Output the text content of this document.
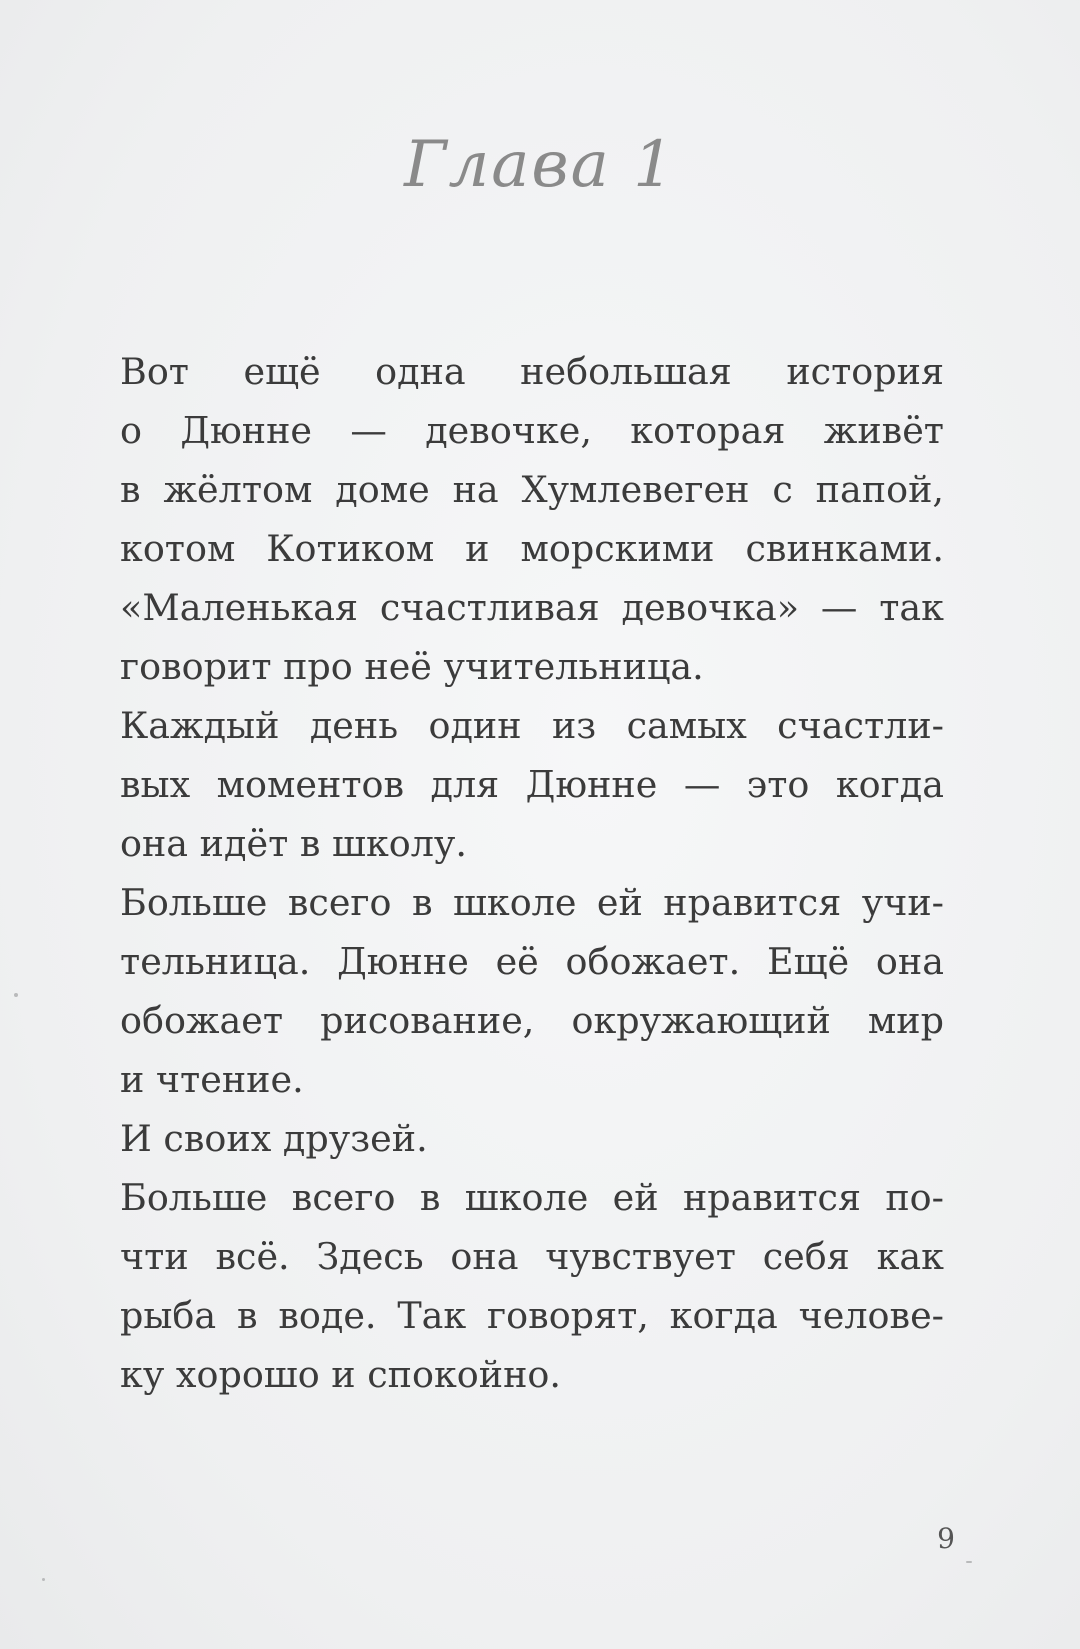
Глава 1

Вот ещё одна небольшая история
о Дюнне — девочке, которая живёт
в жёлтом доме на Хумлевеген с папой,
котом Котиком и морскими свинками.

«Маленькая счастливая девочка» — так
говорит про неё учительница.

Каждый день один из самых счастли-
вых моментов для Дюнне — это когда
она идёт в школу.

Больше всего в школе ей нравится учи-
тельница. Дюнне её обожает. Ещё она
обожает рисование, окружающий мир
и чтение.

И своих друзей.

Больше всего в школе ей нравится по-
чти всё. Здесь она чувствует себя как
рыба в воде. Так говорят, когда челове-
ку хорошо и спокойно.

9
